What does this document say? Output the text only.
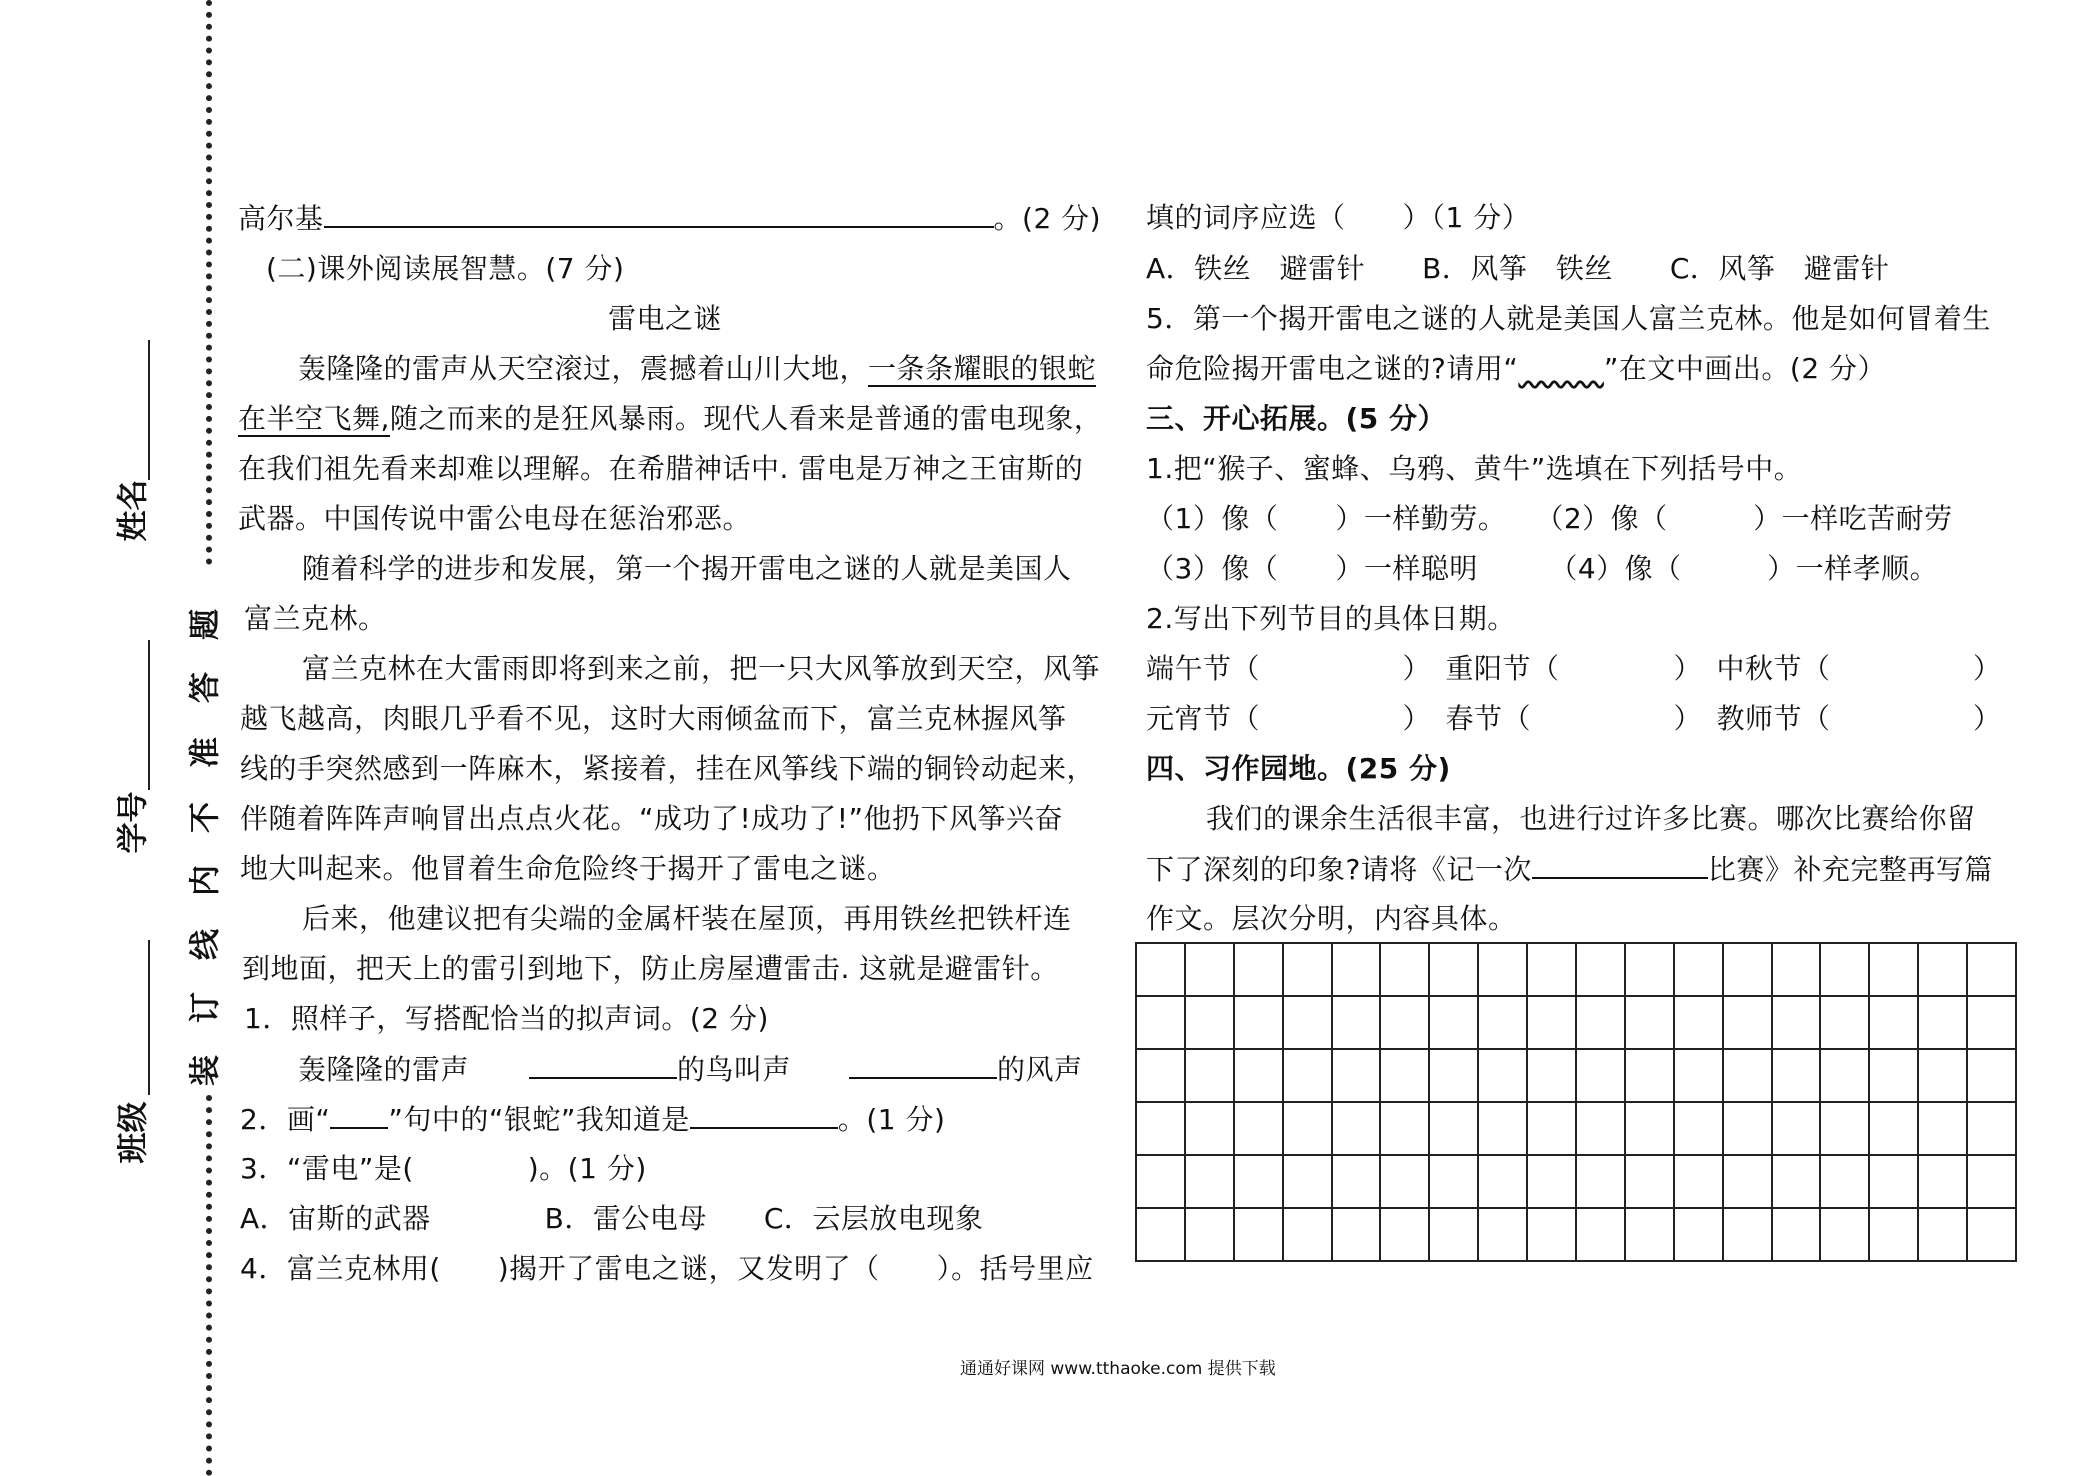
姓名
学号
班级
题
答
准
不
内
线
订
装
高尔基	。(2 分)
(二)课外阅读展智慧。(7 分)
雷电之谜
轰隆隆的雷声从天空滚过，震撼着山川大地，一条条耀眼的银蛇
在半空飞舞,随之而来的是狂风暴雨。现代人看来是普通的雷电现象，
在我们祖先看来却难以理解。在希腊神话中. 雷电是万神之王宙斯的
武器。中国传说中雷公电母在惩治邪恶。
随着科学的进步和发展，第一个揭开雷电之谜的人就是美国人
富兰克林。
富兰克林在大雷雨即将到来之前，把一只大风筝放到天空，风筝
越飞越高，肉眼几乎看不见，这时大雨倾盆而下，富兰克林握风筝
线的手突然感到一阵麻木，紧接着，挂在风筝线下端的铜铃动起来，
伴随着阵阵声响冒出点点火花。“成功了!成功了!”他扔下风筝兴奋
地大叫起来。他冒着生命危险终于揭开了雷电之谜。
后来，他建议把有尖端的金属杆装在屋顶，再用铁丝把铁杆连
到地面，把天上的雷引到地下，防止房屋遭雷击. 这就是避雷针。
1．照样子，写搭配恰当的拟声词。(2 分)
轰隆隆的雷声	的鸟叫声	的风声
2．画“ ”句中的“银蛇”我知道是	。(1 分)
3．“雷电”是(　　　　)。(1 分)
A．宙斯的武器　　　　B．雷公电母　　C．云层放电现象
4．富兰克林用(　　)揭开了雷电之谜，又发明了（　　）。括号里应
填的词序应选（　　）（1 分）
A．铁丝　避雷针　　B．风筝　铁丝　　C．风筝　避雷针
5．第一个揭开雷电之谜的人就是美国人富兰克林。他是如何冒着生
命危险揭开雷电之谜的?请用“　　　	”在文中画出。(2 分）
三、开心拓展。(5 分）
1.把“猴子、蜜蜂、乌鸦、黄牛”选填在下列括号中。
（1）像（　　）一样勤劳。　　（2）像（　　　）一样吃苦耐劳
（3）像（　　）一样聪明　　　（4）像（　　　）一样孝顺。
2.写出下列节目的具体日期。
端午节（　　　　　）　重阳节（　　　　）　中秋节（　　　　　）
元宵节（　　　　　）　春节（　　　　　）　教师节（　　　　　）
四、习作园地。(25 分)
我们的课余生活很丰富，也进行过许多比赛。哪次比赛给你留
下了深刻的印象?请将《记一次	比赛》补充完整再写篇
作文。层次分明，内容具体。
通通好课网 www.tthaoke.com 提供下载
